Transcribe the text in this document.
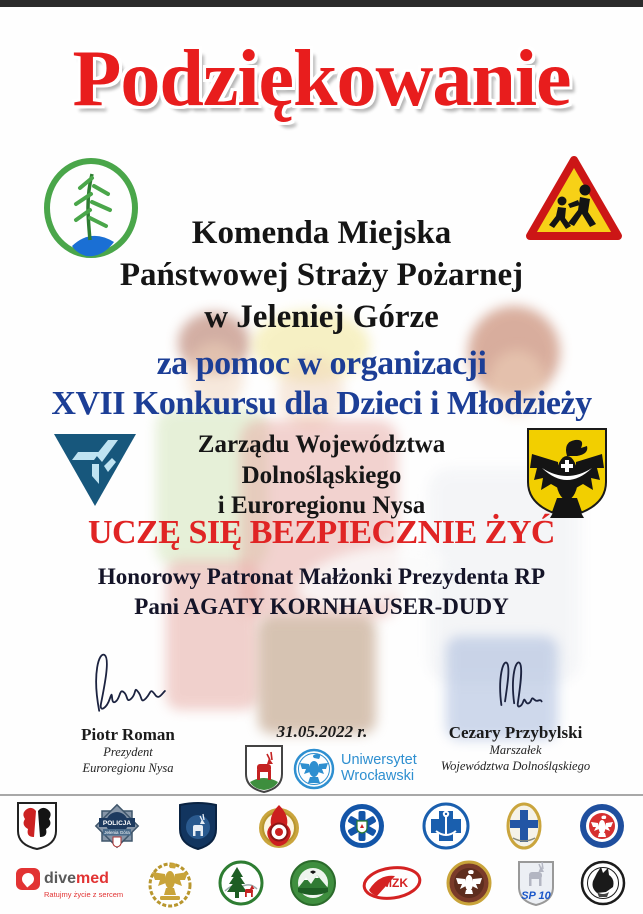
Podziękowanie
Komenda Miejska
Państwowej Straży Pożarnej
w Jeleniej Górze
za pomoc w organizacji
XVII Konkursu dla Dzieci i Młodzieży
Zarządu Województwa
Dolnośląskiego
i Euroregionu Nysa
UCZĘ SIĘ BEZPIECZNIE ŻYĆ
Honorowy Patronat Małżonki Prezydenta RP
Pani AGATY KORNHAUSER-DUDY
Piotr Roman
Prezydent
Euroregionu Nysa
Cezary Przybylski
Marszałek
Województwa Dolnośląskiego
31.05.2022 r.
Uniwersytet
Wrocławski
POLICJA
Jelenia Góra
divemed
Ratujmy życie z sercem
MZK
SP 10
